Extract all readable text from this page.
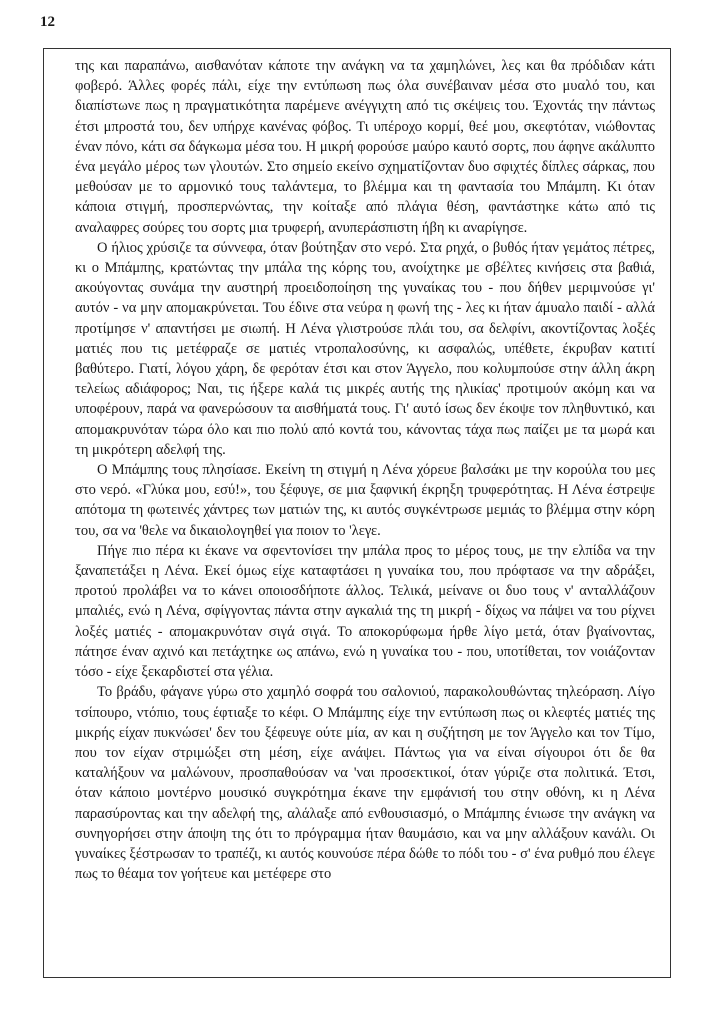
12

της και παραπάνω, αισθανόταν κάποτε την ανάγκη να τα χαμηλώνει, λες και θα πρόδιδαν κάτι φοβερό. Άλλες φορές πάλι, είχε την εντύπωση πως όλα συνέβαιναν μέσα στο μυαλό του, και διαπίστωνε πως η πραγματικότητα παρέμενε ανέγγιχτη από τις σκέψεις του. Έχοντάς την πάντως έτσι μπροστά του, δεν υπήρχε κανένας φόβος. Τι υπέροχο κορμί, θεέ μου, σκεφτόταν, νιώθοντας έναν πόνο, κάτι σα δάγκωμα μέσα του. Η μικρή φορούσε μαύρο καυτό σορτς, που άφηνε ακάλυπτο ένα μεγάλο μέρος των γλουτών. Στο σημείο εκείνο σχηματίζονταν δυο σφιχτές δίπλες σάρκας, που μεθούσαν με το αρμονικό τους ταλάντεμα, το βλέμμα και τη φαντασία του Μπάμπη. Κι όταν κάποια στιγμή, προσπερνώντας, την κοίταξε από πλάγια θέση, φαντάστηκε κάτω από τις αναλαφρες σούρες του σορτς μια τρυφερή, ανυπεράσπιστη ήβη κι αναρίγησε.

Ο ήλιος χρύσιζε τα σύννεφα, όταν βούτηξαν στο νερό. Στα ρηχά, ο βυθός ήταν γεμάτος πέτρες, κι ο Μπάμπης, κρατώντας την μπάλα της κόρης του, ανοίχτηκε με σβέλτες κινήσεις στα βαθιά, ακούγοντας συνάμα την αυστηρή προειδοποίηση της γυναίκας του - που δήθεν μεριμνούσε γι' αυτόν - να μην απομακρύνεται. Του έδινε στα νεύρα η φωνή της - λες κι ήταν άμυαλο παιδί - αλλά προτίμησε ν' απαντήσει με σιωπή. Η Λένα γλιστρούσε πλάι του, σα δελφίνι, ακοντίζοντας λοξές ματιές που τις μετέφραζε σε ματιές ντροπαλοσύνης, κι ασφαλώς, υπέθετε, έκρυβαν κατιτί βαθύτερο. Γιατί, λόγου χάρη, δε φερόταν έτσι και στον Άγγελο, που κολυμπούσε στην άλλη άκρη τελείως αδιάφορος; Ναι, τις ήξερε καλά τις μικρές αυτής της ηλικίας' προτιμούν ακόμη και να υποφέρουν, παρά να φανερώσουν τα αισθήματά τους. Γι' αυτό ίσως δεν έκοψε τον πληθυντικό, και απομακρυνόταν τώρα όλο και πιο πολύ από κοντά του, κάνοντας τάχα πως παίζει με τα μωρά και τη μικρότερη αδελφή της.

Ο Μπάμπης τους πλησίασε. Εκείνη τη στιγμή η Λένα χόρευε βαλσάκι με την κορούλα του μες στο νερό. «Γλύκα μου, εσύ!», του ξέφυγε, σε μια ξαφνική έκρηξη τρυφερότητας. Η Λένα έστρεψε απότομα τη φωτεινές χάντρες των ματιών της, κι αυτός συγκέντρωσε μεμιάς το βλέμμα στην κόρη του, σα να 'θελε να δικαιολογηθεί για ποιον το 'λεγε.

Πήγε πιο πέρα κι έκανε να σφεντονίσει την μπάλα προς το μέρος τους, με την ελπίδα να την ξαναπετάξει η Λένα. Εκεί όμως είχε καταφτάσει η γυναίκα του, που πρόφτασε να την αδράξει, προτού προλάβει να το κάνει οποιοσδήποτε άλλος. Τελικά, μείνανε οι δυο τους ν' ανταλλάζουν μπαλιές, ενώ η Λένα, σφίγγοντας πάντα στην αγκαλιά της τη μικρή - δίχως να πάψει να του ρίχνει λοξές ματιές - απομακρυνόταν σιγά σιγά. Το αποκορύφωμα ήρθε λίγο μετά, όταν βγαίνοντας, πάτησε έναν αχινό και πετάχτηκε ως απάνω, ενώ η γυναίκα του - που, υποτίθεται, τον νοιάζονταν τόσο - είχε ξεκαρδιστεί στα γέλια.

Το βράδυ, φάγανε γύρω στο χαμηλό σοφρά του σαλονιού, παρακολουθώντας τηλεόραση. Λίγο τσίπουρο, ντόπιο, τους έφτιαξε το κέφι. Ο Μπάμπης είχε την εντύπωση πως οι κλεφτές ματιές της μικρής είχαν πυκνώσει' δεν του ξέφευγε ούτε μία, αν και η συζήτηση με τον Άγγελο και τον Τίμο, που τον είχαν στριμώξει στη μέση, είχε ανάψει. Πάντως για να είναι σίγουροι ότι δε θα καταλήξουν να μαλώνουν, προσπαθούσαν να 'ναι προσεκτικοί, όταν γύριζε στα πολιτικά. Έτσι, όταν κάποιο μοντέρνο μουσικό συγκρότημα έκανε την εμφάνισή του στην οθόνη, κι η Λένα παρασύροντας και την αδελφή της, αλάλαξε από ενθουσιασμό, ο Μπάμπης ένιωσε την ανάγκη να συνηγορήσει στην άποψη της ότι το πρόγραμμα ήταν θαυμάσιο, και να μην αλλάξουν κανάλι. Οι γυναίκες ξέστρωσαν το τραπέζι, κι αυτός κουνούσε πέρα δώθε το πόδι του - σ' ένα ρυθμό που έλεγε πως το θέαμα τον γοήτευε και μετέφερε στο
